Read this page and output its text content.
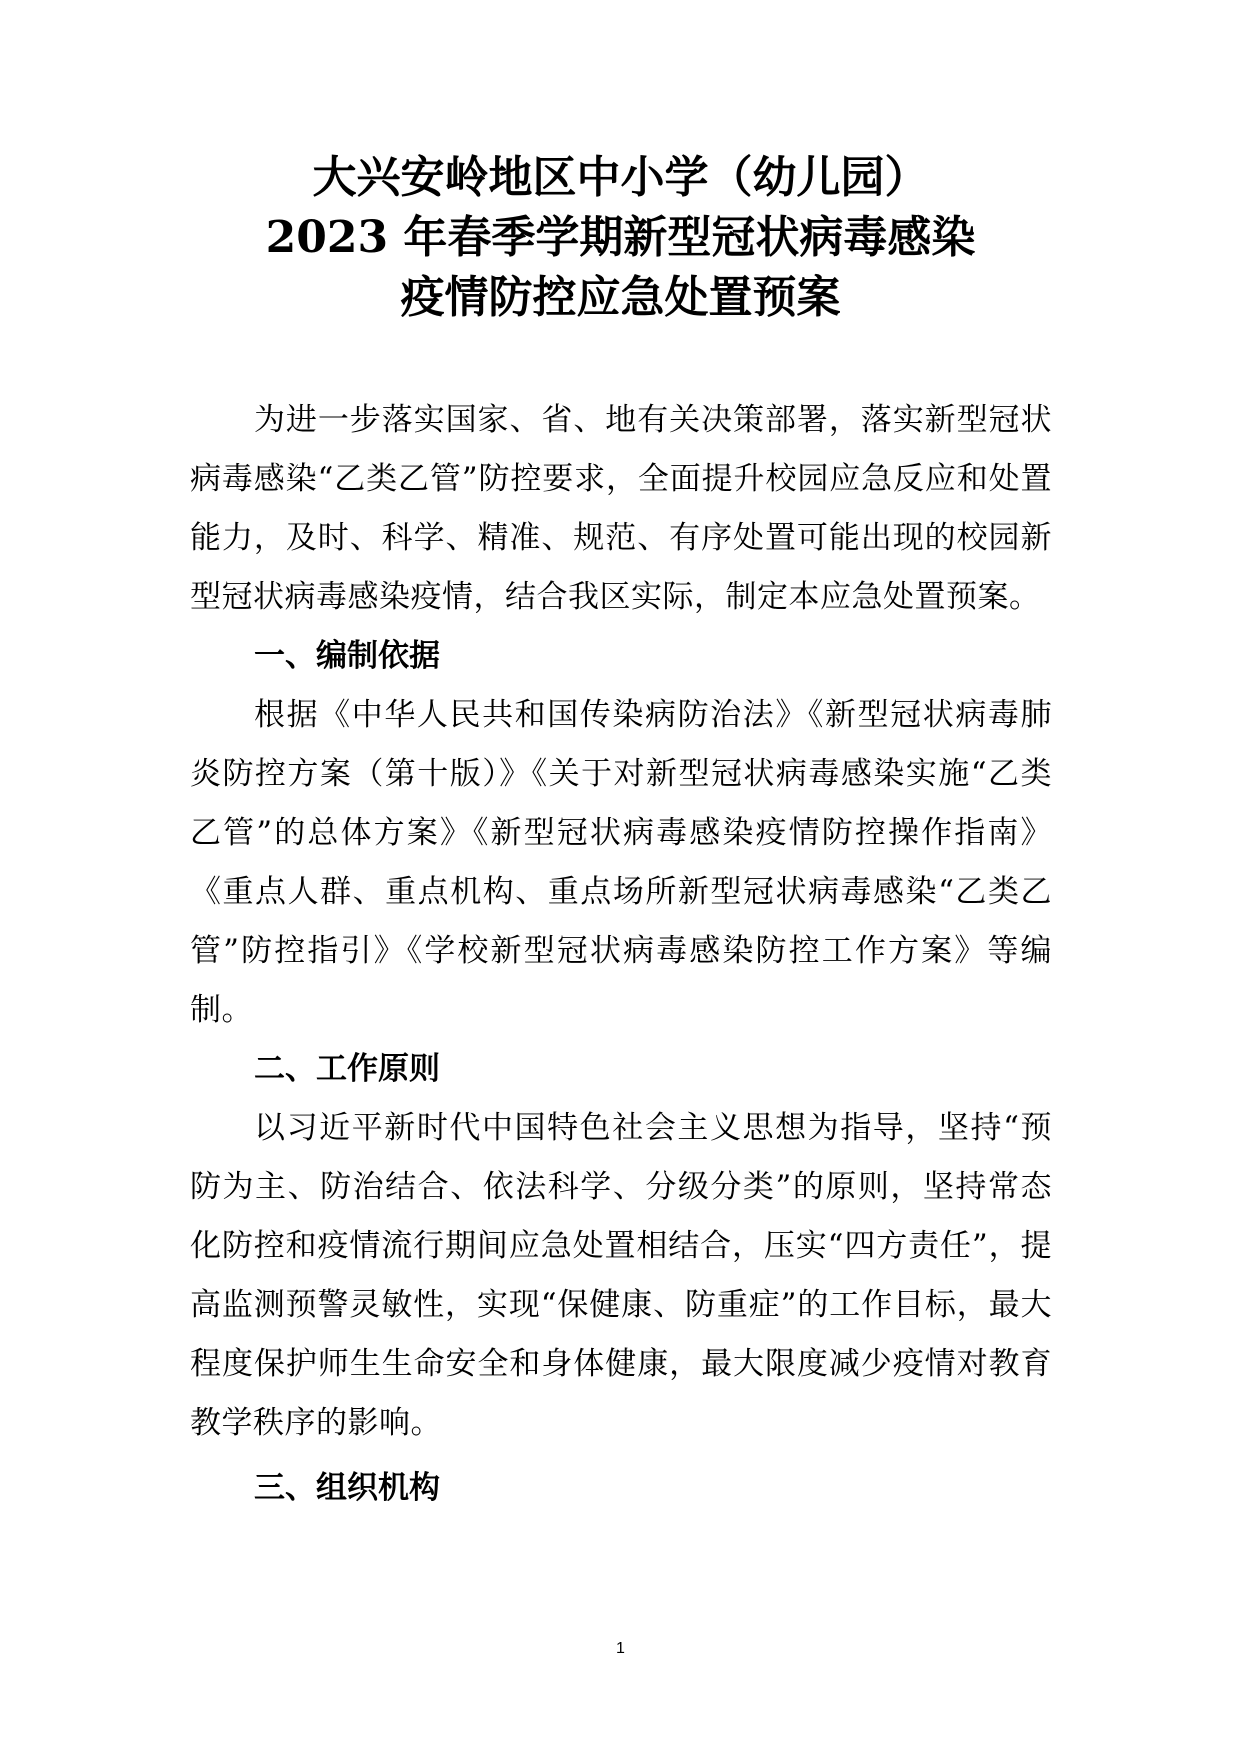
大兴安岭地区中小学（幼儿园）
2023 年春季学期新型冠状病毒感染
疫情防控应急处置预案

为进一步落实国家、省、地有关决策部署，落实新型冠状病毒感染“乙类乙管”防控要求，全面提升校园应急反应和处置能力，及时、科学、精准、规范、有序处置可能出现的校园新型冠状病毒感染疫情，结合我区实际，制定本应急处置预案。

一、编制依据

根据《中华人民共和国传染病防治法》《新型冠状病毒肺炎防控方案（第十版）》《关于对新型冠状病毒感染实施“乙类乙管”的总体方案》《新型冠状病毒感染疫情防控操作指南》《重点人群、重点机构、重点场所新型冠状病毒感染“乙类乙管”防控指引》《学校新型冠状病毒感染防控工作方案》等编制。

二、工作原则

以习近平新时代中国特色社会主义思想为指导，坚持“预防为主、防治结合、依法科学、分级分类”的原则，坚持常态化防控和疫情流行期间应急处置相结合，压实“四方责任”，提高监测预警灵敏性，实现“保健康、防重症”的工作目标，最大程度保护师生生命安全和身体健康，最大限度减少疫情对教育教学秩序的影响。

三、组织机构

1
